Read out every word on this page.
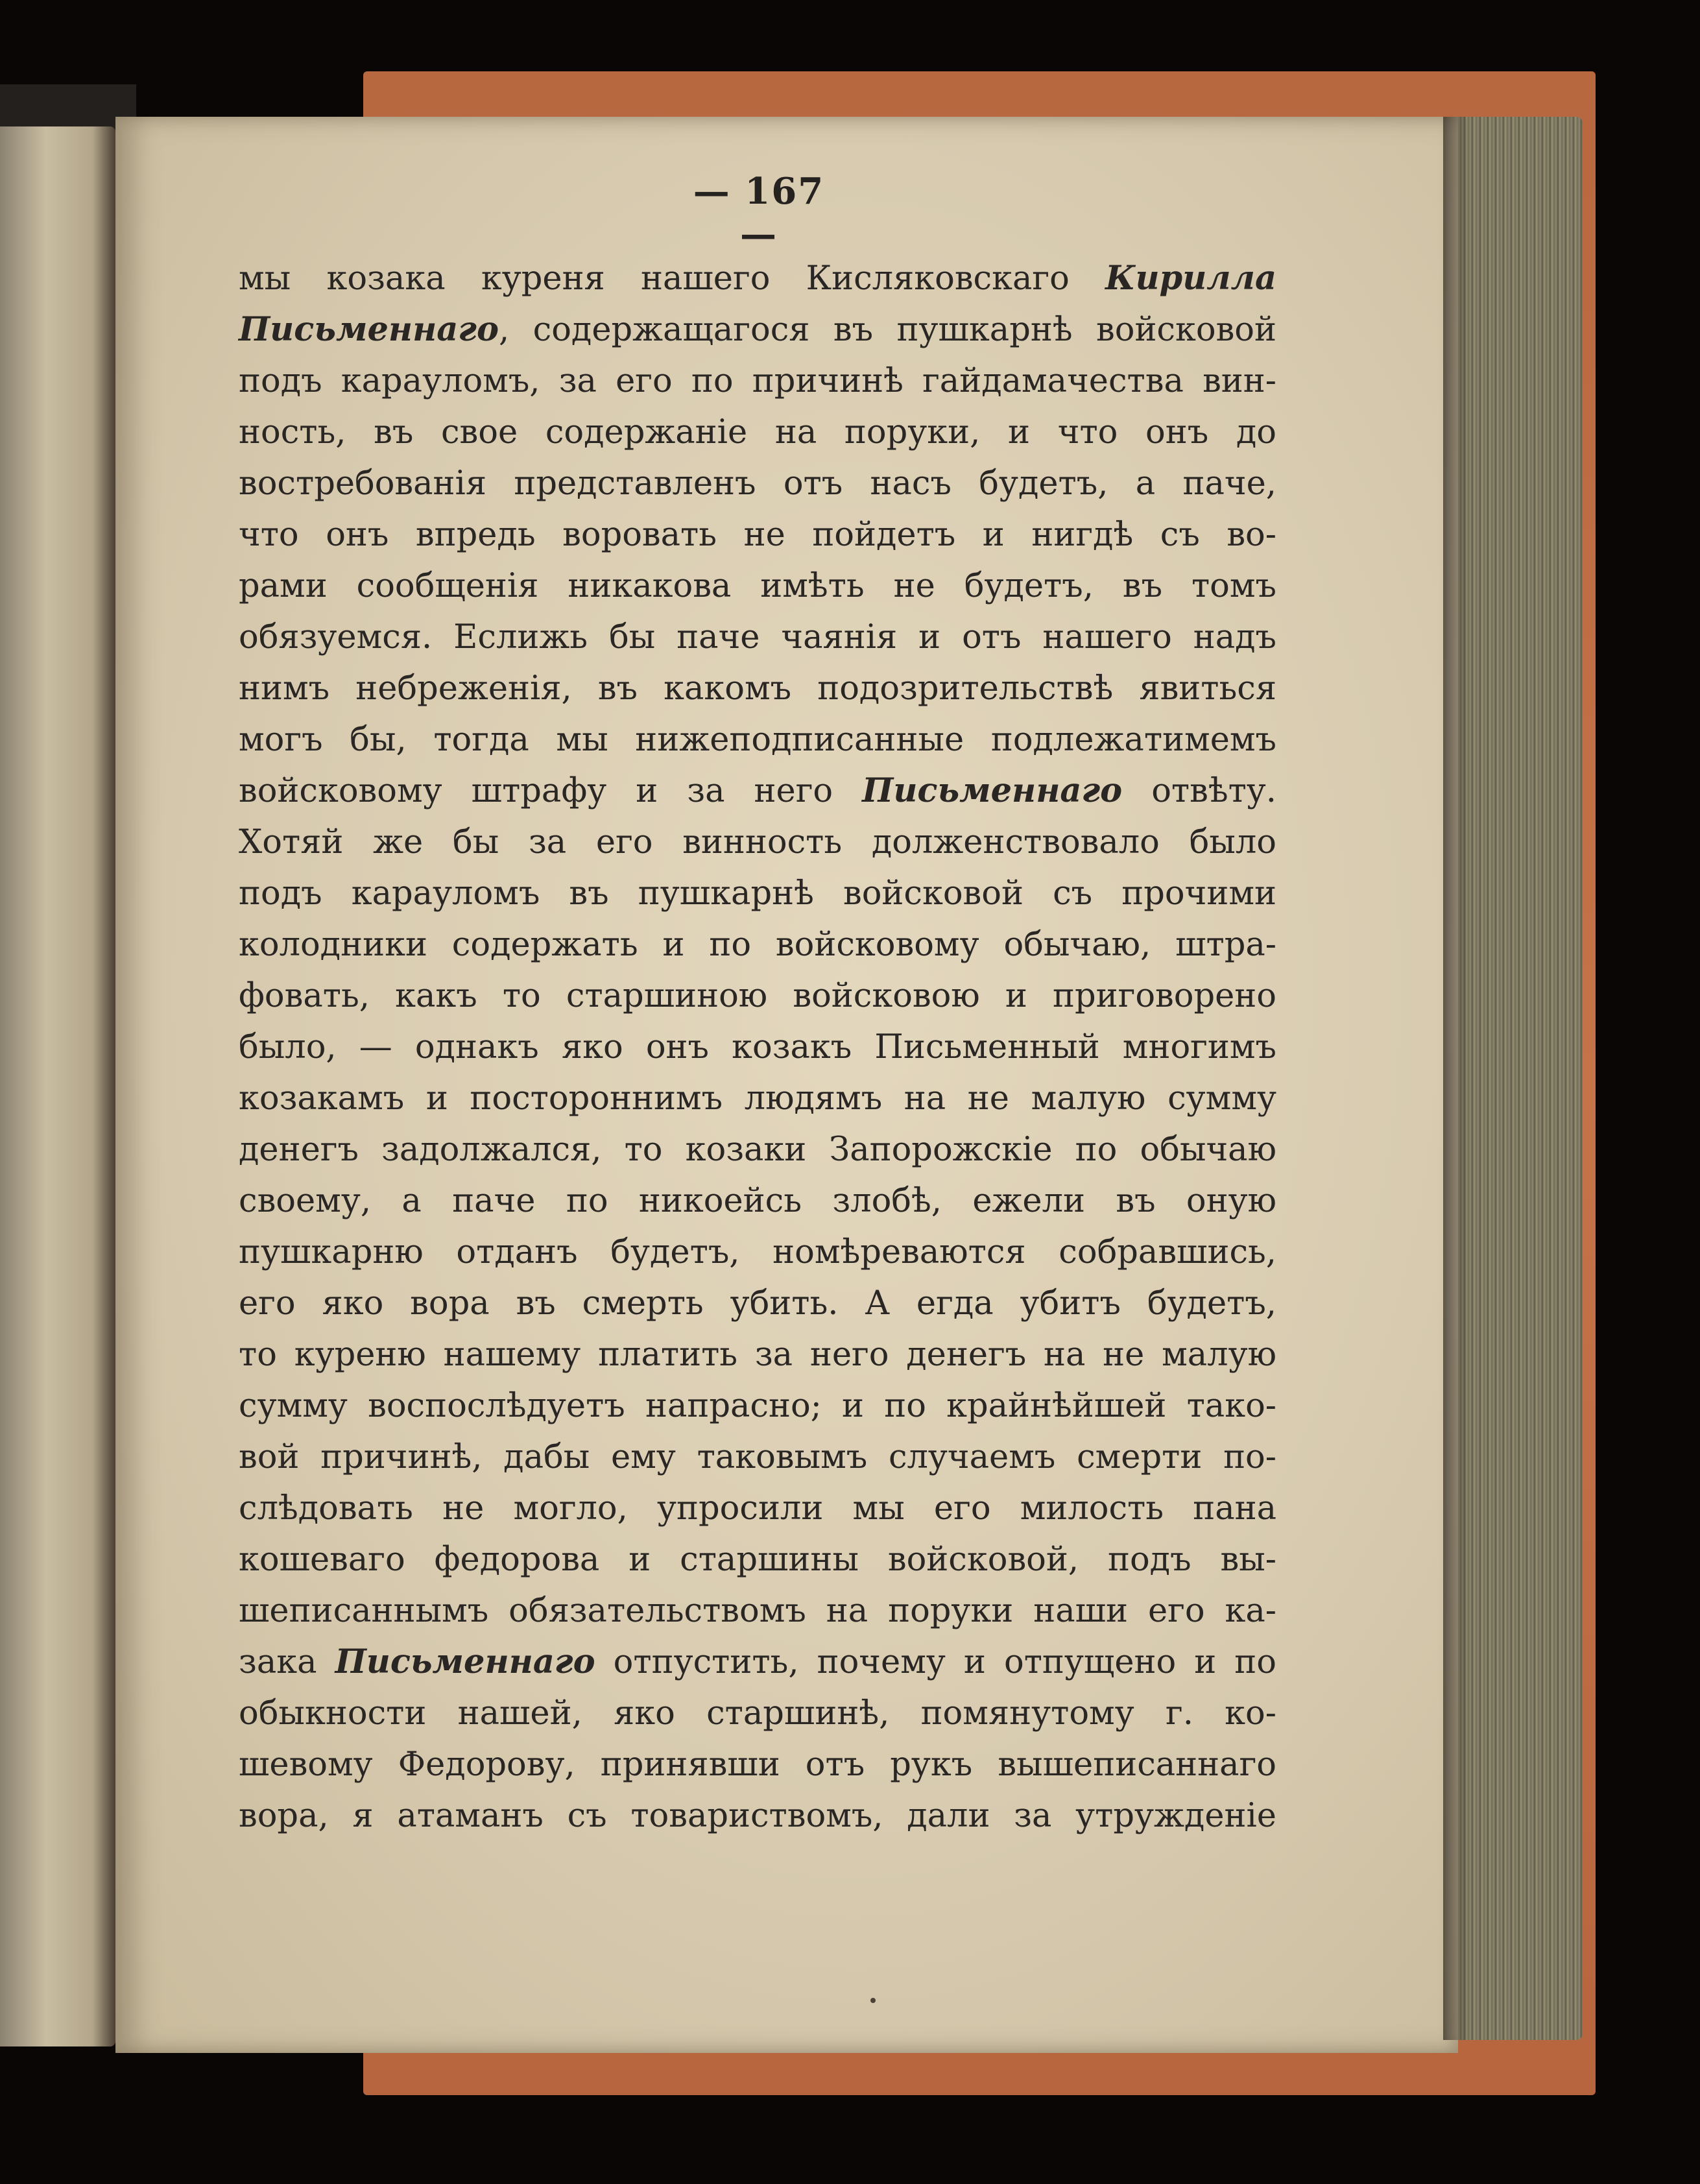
— 167 —
мы козака куреня нашего Кисляковскаго Кирилла
Письменнаго, содержащагося въ пушкарнѣ войсковой
подъ карауломъ, за его по причинѣ гайдамачества вин-
ность, въ свое содержаніе на поруки, и что онъ до
востребованія представленъ отъ насъ будетъ, а паче,
что онъ впредь воровать не пойдетъ и нигдѣ съ во-
рами сообщенія никакова имѣть не будетъ, въ томъ
обязуемся. Еслижь бы паче чаянія и отъ нашего надъ
нимъ небреженія, въ какомъ подозрительствѣ явиться
могъ бы, тогда мы нижеподписанные подлежатимемъ
войсковому штрафу и за него Письменнаго отвѣту.
Хотяй же бы за его винность долженствовало было
подъ карауломъ въ пушкарнѣ войсковой съ прочими
колодники содержать и по войсковому обычаю, штра-
фовать, какъ то старшиною войсковою и приговорено
было, — однакъ яко онъ козакъ Письменный многимъ
козакамъ и постороннимъ людямъ на не малую сумму
денегъ задолжался, то козаки Запорожскіе по обычаю
своему, а паче по никоейсь злобѣ, ежели въ оную
пушкарню отданъ будетъ, номѣреваются собравшись,
его яко вора въ смерть убить. А егда убитъ будетъ,
то куреню нашему платить за него денегъ на не малую
сумму воспослѣдуетъ напрасно; и по крайнѣйшей тако-
вой причинѣ, дабы ему таковымъ случаемъ смерти по-
слѣдовать не могло, упросили мы его милость пана
кошеваго федорова и старшины войсковой, подъ вы-
шеписаннымъ обязательствомъ на поруки наши его ка-
зака Письменнаго отпустить, почему и отпущено и по
обыкности нашей, яко старшинѣ, помянутому г. ко-
шевому Федорову, принявши отъ рукъ вышеписаннаго
вора, я атаманъ съ товариствомъ, дали за утружденіе
